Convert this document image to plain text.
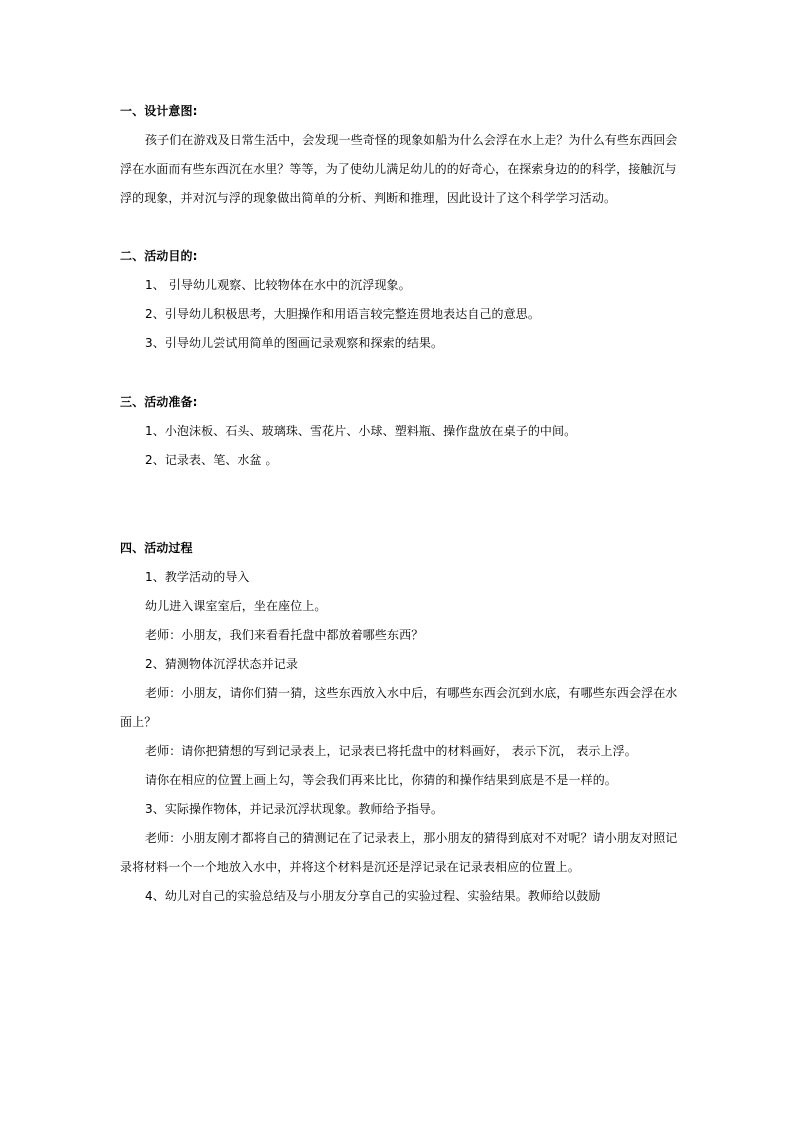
一、设计意图:
孩子们在游戏及日常生活中，会发现一些奇怪的现象如船为什么会浮在水上走？为什么有些东西回会
浮在水面而有些东西沉在水里？等等，为了使幼儿满足幼儿的的好奇心，在探索身边的的科学，接触沉与
浮的现象，并对沉与浮的现象做出简单的分析、判断和推理，因此设计了这个科学学习活动。
二、活动目的:
1、 引导幼儿观察、比较物体在水中的沉浮现象。
2、引导幼儿积极思考，大胆操作和用语言较完整连贯地表达自己的意思。
3、引导幼儿尝试用简单的图画记录观察和探索的结果。
三、活动准备:
1、小泡沫板、石头、玻璃珠、雪花片、小球、塑料瓶、操作盘放在桌子的中间。
2、记录表、笔、水盆 。
四、活动过程
1、教学活动的导入
幼儿进入课室室后，坐在座位上。
老师：小朋友，我们来看看托盘中都放着哪些东西？
2、猜测物体沉浮状态并记录
老师：小朋友，请你们猜一猜，这些东西放入水中后，有哪些东西会沉到水底，有哪些东西会浮在水
面上？
老师：请你把猜想的写到记录表上，记录表已将托盘中的材料画好， 表示下沉， 表示上浮。
请你在相应的位置上画上勾，等会我们再来比比，你猜的和操作结果到底是不是一样的。
3、实际操作物体，并记录沉浮状现象。教师给予指导。
老师：小朋友刚才都将自己的猜测记在了记录表上，那小朋友的猜得到底对不对呢？请小朋友对照记
录将材料一个一个地放入水中，并将这个材料是沉还是浮记录在记录表相应的位置上。
4、幼儿对自己的实验总结及与小朋友分享自己的实验过程、实验结果。教师给以鼓励
